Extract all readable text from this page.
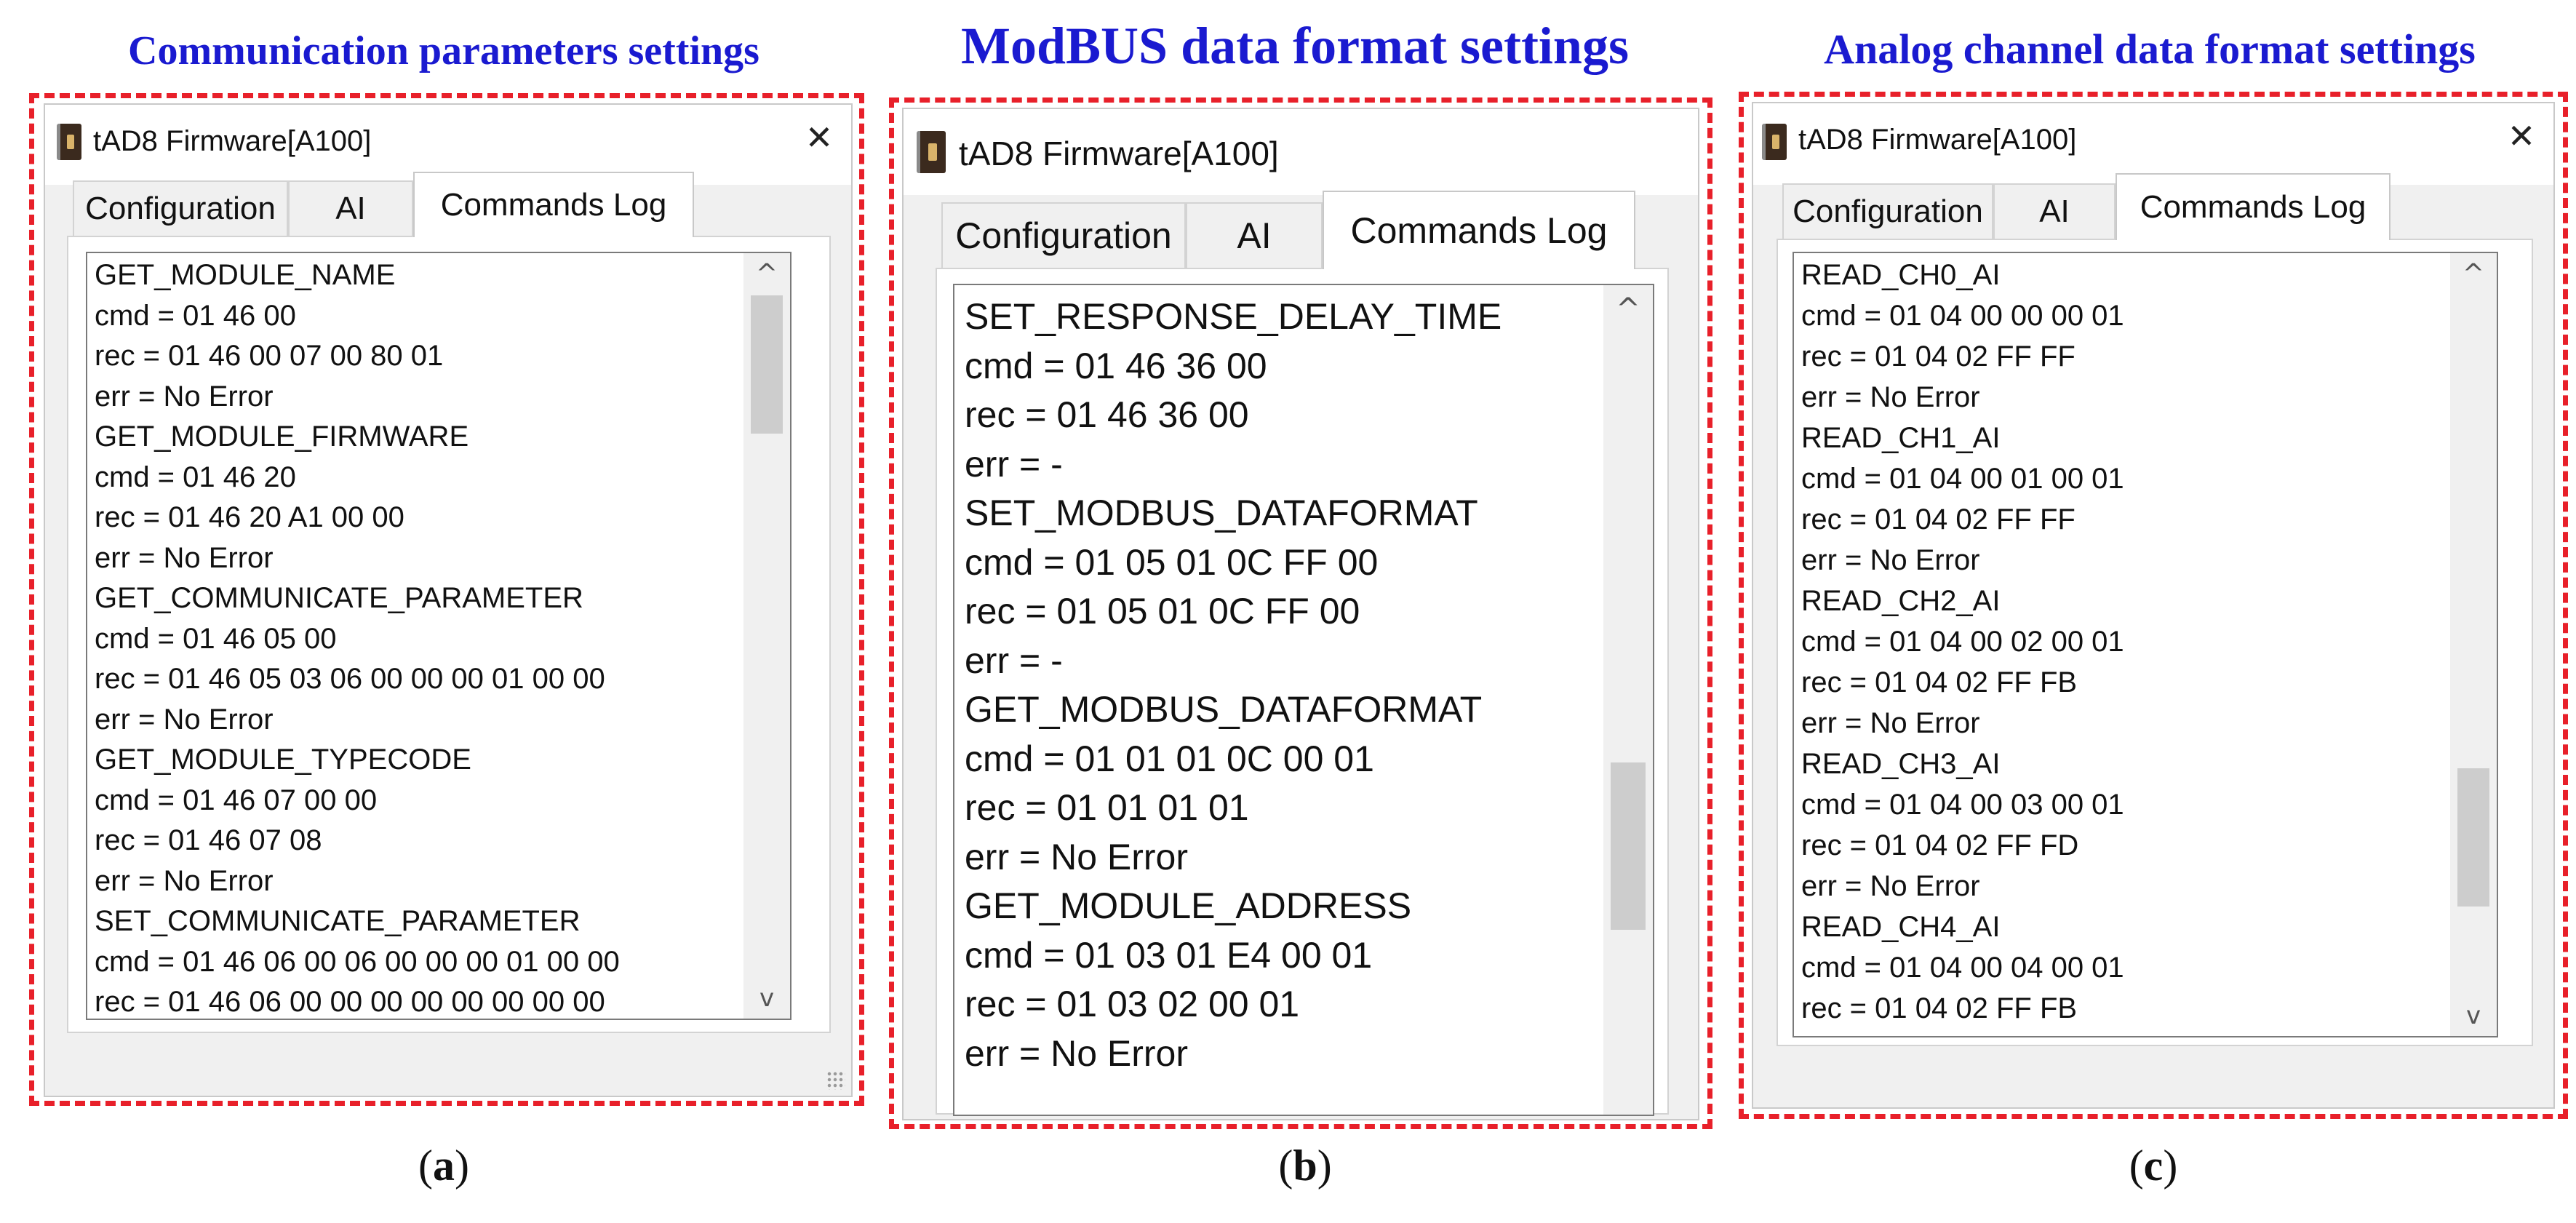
Communication parameters settings
tAD8 Firmware[A100]	✕
Configuration	AI	Commands Log
GET_MODULE_NAME
cmd = 01 46 00
rec = 01 46 00 07 00 80 01
err = No Error
GET_MODULE_FIRMWARE
cmd = 01 46 20
rec = 01 46 20 A1 00 00
err = No Error
GET_COMMUNICATE_PARAMETER
cmd = 01 46 05 00
rec = 01 46 05 03 06 00 00 00 01 00 00
err = No Error
GET_MODULE_TYPECODE
cmd = 01 46 07 00 00
rec = 01 46 07 08
err = No Error
SET_COMMUNICATE_PARAMETER
cmd = 01 46 06 00 06 00 00 00 01 00 00
rec = 01 46 06 00 00 00 00 00 00 00 00
^
v
(a)
ModBUS data format settings
tAD8 Firmware[A100]
Configuration	AI	Commands Log
SET_RESPONSE_DELAY_TIME
cmd = 01 46 36 00
rec = 01 46 36 00
err = -
SET_MODBUS_DATAFORMAT
cmd = 01 05 01 0C FF 00
rec = 01 05 01 0C FF 00
err = -
GET_MODBUS_DATAFORMAT
cmd = 01 01 01 0C 00 01
rec = 01 01 01 01
err = No Error
GET_MODULE_ADDRESS
cmd = 01 03 01 E4 00 01
rec = 01 03 02 00 01
err = No Error
^
(b)
Analog channel data format settings
tAD8 Firmware[A100]	✕
Configuration	AI	Commands Log
READ_CH0_AI
cmd = 01 04 00 00 00 01
rec = 01 04 02 FF FF
err = No Error
READ_CH1_AI
cmd = 01 04 00 01 00 01
rec = 01 04 02 FF FF
err = No Error
READ_CH2_AI
cmd = 01 04 00 02 00 01
rec = 01 04 02 FF FB
err = No Error
READ_CH3_AI
cmd = 01 04 00 03 00 01
rec = 01 04 02 FF FD
err = No Error
READ_CH4_AI
cmd = 01 04 00 04 00 01
rec = 01 04 02 FF FB
^
v
(c)
